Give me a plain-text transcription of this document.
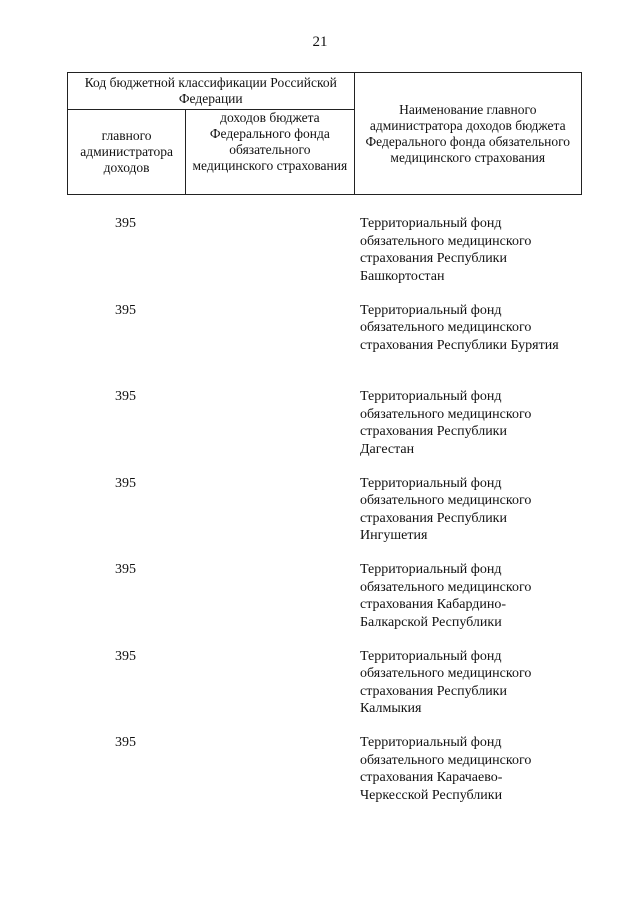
21
Код бюджетной классификации Российской Федерации		Наименование главного администратора доходов бюджета Федерального фонда обязательного медицинского страхования
главного администратора доходов	доходов бюджета Федерального фонда обязательного медицинского страхования	
395	Территориальный фонд
обязательного медицинского
страхования Республики
Башкортостан
395	Территориальный фонд
обязательного медицинского
страхования Республики Бурятия
395	Территориальный фонд
обязательного медицинского
страхования Республики
Дагестан
395	Территориальный фонд
обязательного медицинского
страхования Республики
Ингушетия
395	Территориальный фонд
обязательного медицинского
страхования Кабардино-
Балкарской Республики
395	Территориальный фонд
обязательного медицинского
страхования Республики
Калмыкия
395	Территориальный фонд
обязательного медицинского
страхования Карачаево-
Черкесской Республики
